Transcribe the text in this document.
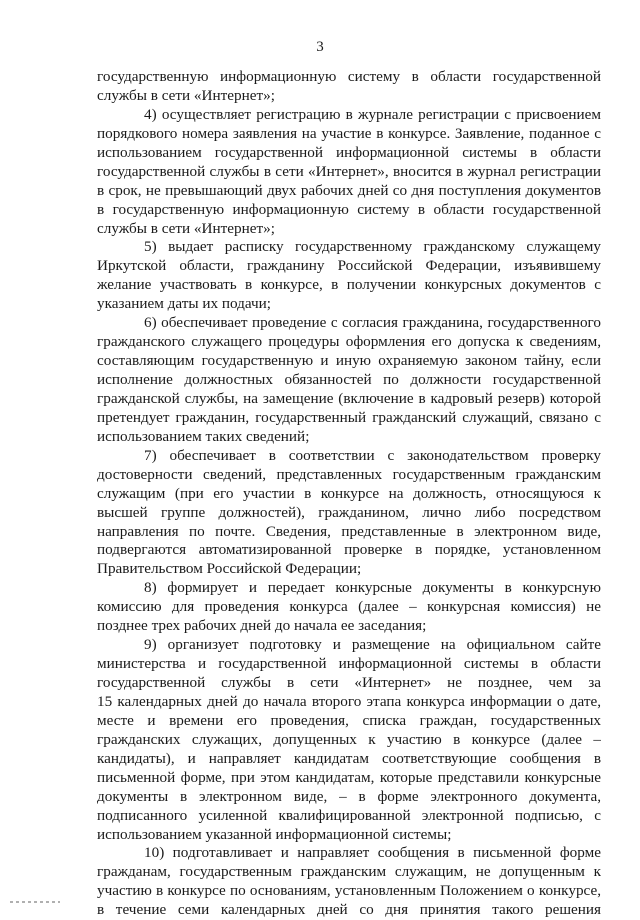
3
государственную информационную систему в области государственной
службы в сети «Интернет»;
4) осуществляет регистрацию в журнале регистрации с присвоением
порядкового номера заявления на участие в конкурсе. Заявление, поданное с
использованием государственной информационной системы в области
государственной службы в сети «Интернет», вносится в журнал регистрации
в срок, не превышающий двух рабочих дней со дня поступления документов
в государственную информационную систему в области государственной
службы в сети «Интернет»;
5) выдает расписку государственному гражданскому служащему
Иркутской области, гражданину Российской Федерации, изъявившему
желание участвовать в конкурсе, в получении конкурсных документов с
указанием даты их подачи;
6) обеспечивает проведение с согласия гражданина, государственного
гражданского служащего процедуры оформления его допуска к сведениям,
составляющим государственную и иную охраняемую законом тайну, если
исполнение должностных обязанностей по должности государственной
гражданской службы, на замещение (включение в кадровый резерв) которой
претендует гражданин, государственный гражданский служащий, связано с
использованием таких сведений;
7) обеспечивает в соответствии с законодательством проверку
достоверности сведений, представленных государственным гражданским
служащим (при его участии в конкурсе на должность, относящуюся к
высшей группе должностей), гражданином, лично либо посредством
направления по почте. Сведения, представленные в электронном виде,
подвергаются автоматизированной проверке в порядке, установленном
Правительством Российской Федерации;
8) формирует и передает конкурсные документы в конкурсную
комиссию для проведения конкурса (далее – конкурсная комиссия) не
позднее трех рабочих дней до начала ее заседания;
9) организует подготовку и размещение на официальном сайте
министерства и государственной информационной системы в области
государственной службы в сети «Интернет» не позднее, чем за
15 календарных дней до начала второго этапа конкурса информации о дате,
месте и времени его проведения, списка граждан, государственных
гражданских служащих, допущенных к участию в конкурсе (далее –
кандидаты), и направляет кандидатам соответствующие сообщения в
письменной форме, при этом кандидатам, которые представили конкурсные
документы в электронном виде, – в форме электронного документа,
подписанного усиленной квалифицированной электронной подписью, с
использованием указанной информационной системы;
10) подготавливает и направляет сообщения в письменной форме
гражданам, государственным гражданским служащим, не допущенным к
участию в конкурсе по основаниям, установленным Положением о конкурсе,
в течение семи календарных дней со дня принятия такого решения
